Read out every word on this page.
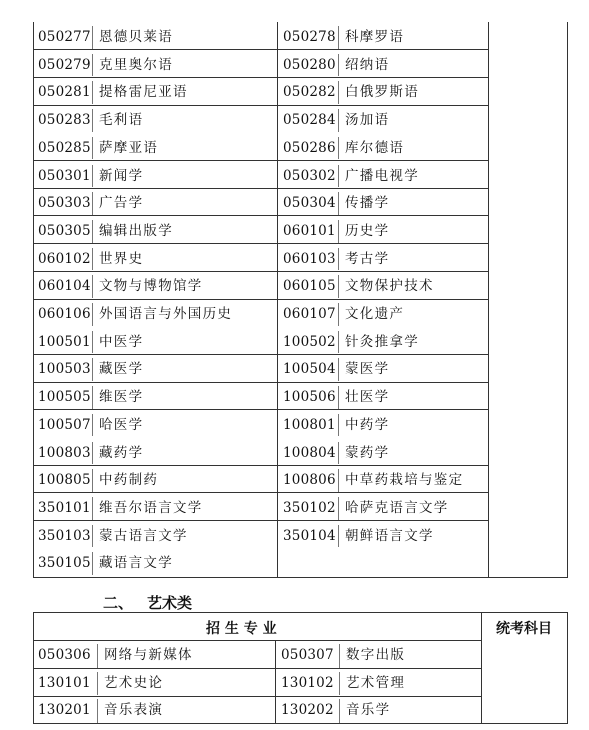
050277 恩德贝莱语	050278 科摩罗语
050279 克里奥尔语	050280 绍纳语
050281 提格雷尼亚语	050282 白俄罗斯语
050283 毛利语	050284 汤加语
050285 萨摩亚语	050286 库尔德语
050301 新闻学	050302 广播电视学
050303 广告学	050304 传播学
050305 编辑出版学	060101 历史学
060102 世界史	060103 考古学
060104 文物与博物馆学	060105 文物保护技术
060106 外国语言与外国历史	060107 文化遗产
100501 中医学	100502 针灸推拿学
100503 藏医学	100504 蒙医学
100505 维医学	100506 壮医学
100507 哈医学	100801 中药学
100803 藏药学	100804 蒙药学
100805 中药制药	100806 中草药栽培与鉴定
350101 维吾尔语言文学	350102 哈萨克语言文学
350103 蒙古语言文学	350104 朝鲜语言文学
350105 藏语言文学
二、 艺术类
招 生 专 业	统考科目
050306 网络与新媒体	050307 数字出版
130101 艺术史论	130102 艺术管理
130201 音乐表演	130202 音乐学
